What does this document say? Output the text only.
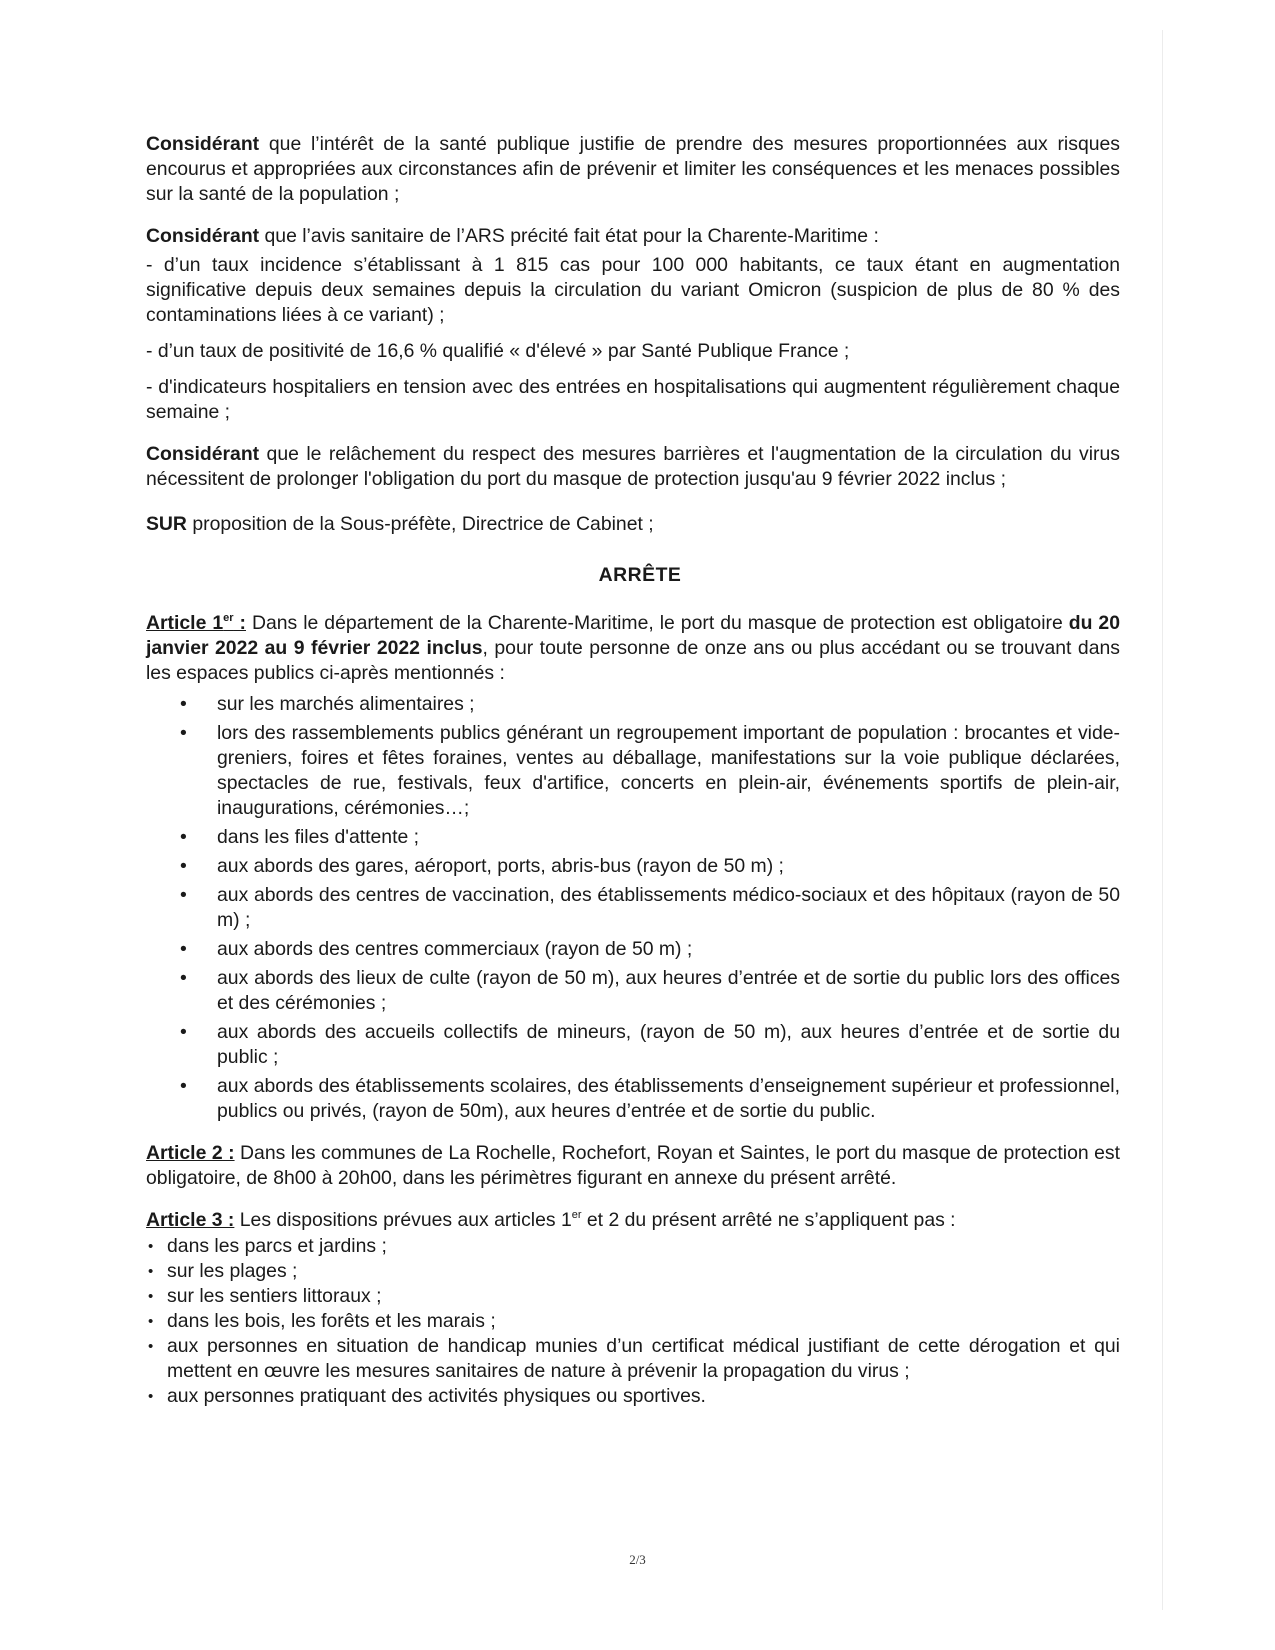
Considérant que l’intérêt de la santé publique justifie de prendre des mesures proportionnées aux risques encourus et appropriées aux circonstances afin de prévenir et limiter les conséquences et les menaces possibles sur la santé de la population ;

Considérant que l’avis sanitaire de l’ARS précité fait état pour la Charente-Maritime :

- d’un taux incidence s’établissant à 1 815 cas pour 100 000 habitants, ce taux étant en augmentation significative depuis deux semaines depuis la circulation du variant Omicron (suspicion de plus de 80 % des contaminations liées à ce variant) ;

- d’un taux de positivité de 16,6 % qualifié « d'élevé » par Santé Publique France ;

- d'indicateurs hospitaliers en tension avec des entrées en hospitalisations qui augmentent régulièrement chaque semaine ;

Considérant que le relâchement du respect des mesures barrières et l'augmentation de la circulation du virus nécessitent de prolonger l'obligation du port du masque de protection jusqu'au 9 février 2022 inclus ;

SUR proposition de la Sous-préfète, Directrice de Cabinet ;

ARRÊTE

Article 1er : Dans le département de la Charente-Maritime, le port du masque de protection est obligatoire du 20 janvier 2022 au 9 février 2022 inclus, pour toute personne de onze ans ou plus accédant ou se trouvant dans les espaces publics ci-après mentionnés :

• sur les marchés alimentaires ;
• lors des rassemblements publics générant un regroupement important de population : brocantes et vide-greniers, foires et fêtes foraines, ventes au déballage, manifestations sur la voie publique déclarées, spectacles de rue, festivals, feux d'artifice, concerts en plein-air, événements sportifs de plein-air, inaugurations, cérémonies…;
• dans les files d'attente ;
• aux abords des gares, aéroport, ports, abris-bus (rayon de 50 m) ;
• aux abords des centres de vaccination, des établissements médico-sociaux et des hôpitaux (rayon de 50 m) ;
• aux abords des centres commerciaux (rayon de 50 m) ;
• aux abords des lieux de culte (rayon de 50 m), aux heures d’entrée et de sortie du public lors des offices et des cérémonies ;
• aux abords des accueils collectifs de mineurs, (rayon de 50 m), aux heures d’entrée et de sortie du public ;
• aux abords des établissements scolaires, des établissements d’enseignement supérieur et professionnel, publics ou privés, (rayon de 50m), aux heures d’entrée et de sortie du public.

Article 2 : Dans les communes de La Rochelle, Rochefort, Royan et Saintes, le port du masque de protection est obligatoire, de 8h00 à 20h00, dans les périmètres figurant en annexe du présent arrêté.

Article 3 : Les dispositions prévues aux articles 1er et 2 du présent arrêté ne s’appliquent pas :

• dans les parcs et jardins ;
• sur les plages ;
• sur les sentiers littoraux ;
• dans les bois, les forêts et les marais ;
• aux personnes en situation de handicap munies d’un certificat médical justifiant de cette dérogation et qui mettent en œuvre les mesures sanitaires de nature à prévenir la propagation du virus ;
• aux personnes pratiquant des activités physiques ou sportives.
2/3
